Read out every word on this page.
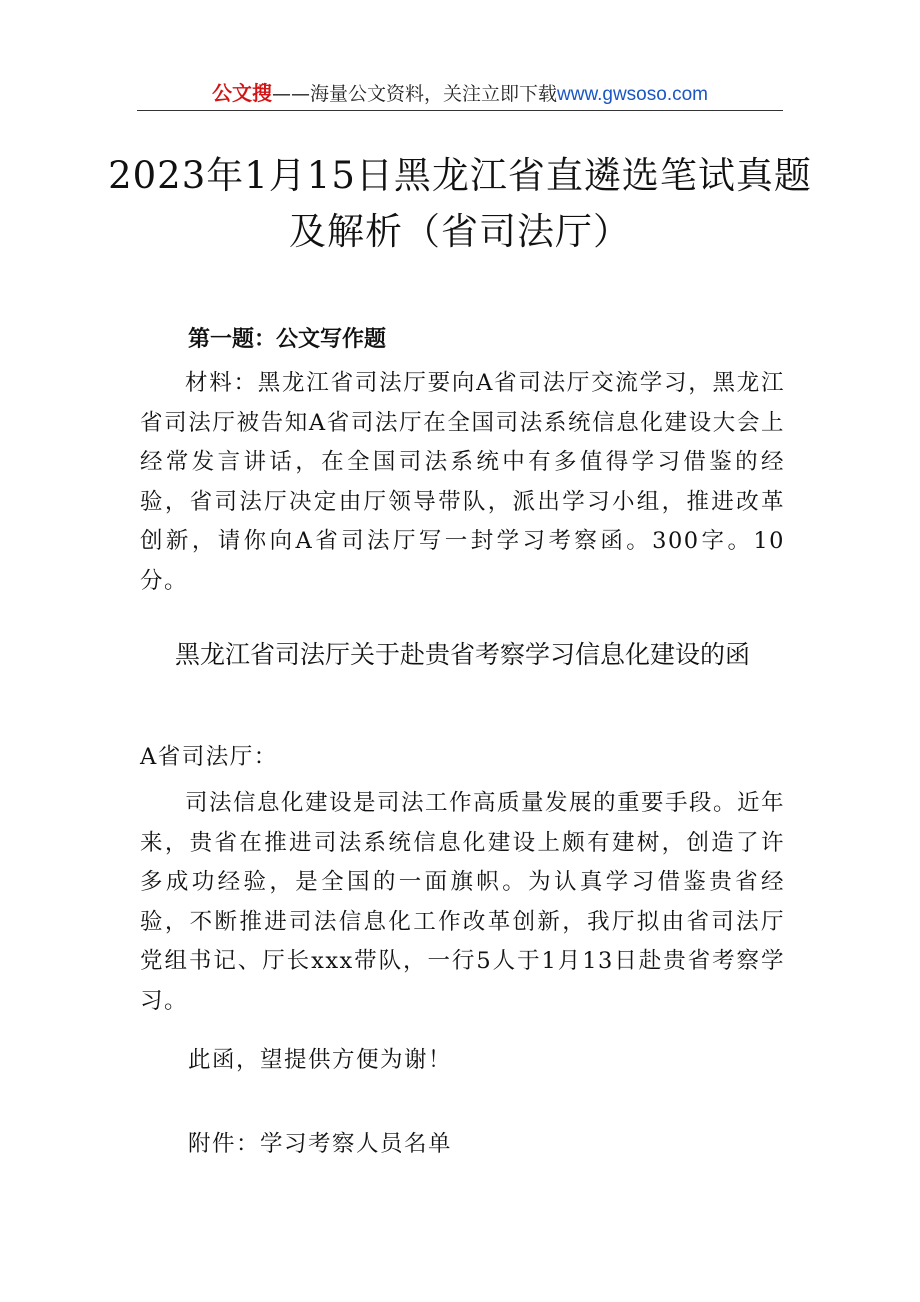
公文搜——海量公文资料，关注立即下载www.gwsoso.com
2023年1月15日黑龙江省直遴选笔试真题及解析（省司法厅）
第一题：公文写作题

材料：黑龙江省司法厅要向A省司法厅交流学习，黑龙江省司法厅被告知A省司法厅在全国司法系统信息化建设大会上经常发言讲话，在全国司法系统中有多值得学习借鉴的经验，省司法厅决定由厅领导带队，派出学习小组，推进改革创新，请你向A省司法厅写一封学习考察函。300字。10分。

黑龙江省司法厅关于赴贵省考察学习信息化建设的函

A省司法厅：

司法信息化建设是司法工作高质量发展的重要手段。近年来，贵省在推进司法系统信息化建设上颇有建树，创造了许多成功经验，是全国的一面旗帜。为认真学习借鉴贵省经验，不断推进司法信息化工作改革创新，我厅拟由省司法厅党组书记、厅长xxx带队，一行5人于1月13日赴贵省考察学习。

此函，望提供方便为谢！

附件：学习考察人员名单
